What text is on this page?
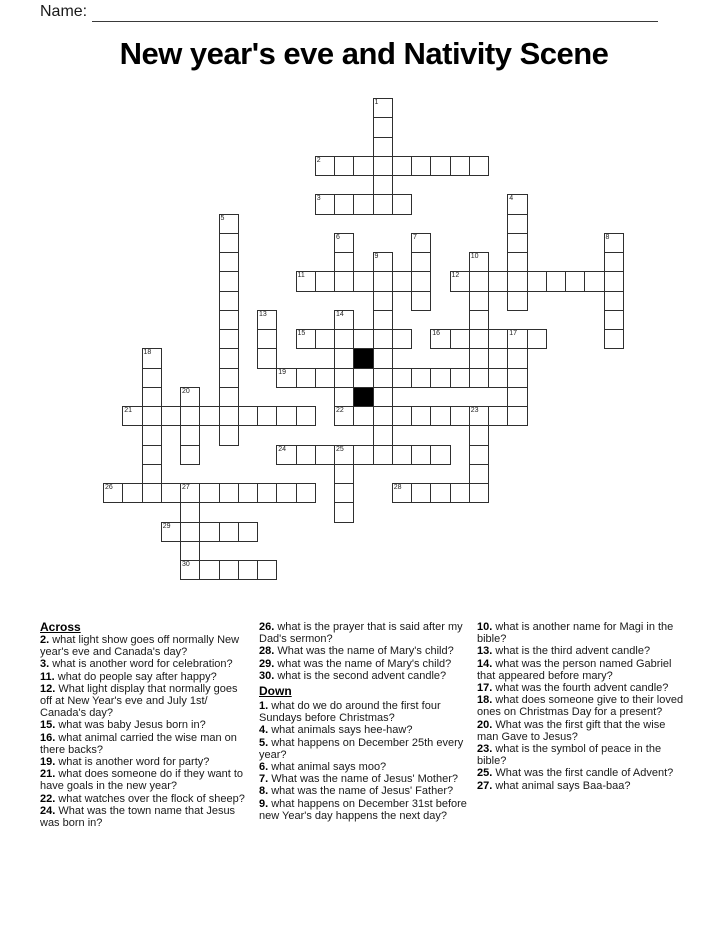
Name:
New year's eve and Nativity Scene
1
2
3	4
5
6	7	8
9	10
11	12
13	14
22
15	16	17
18
19
20
21	23
24	25
26	27
30
28
29
Across

2. what light show goes off normally New year's eve and Canada's day?

3. what is another word for celebration?

11. what do people say after happy?

12. What light display that normally goes off at New Year's eve and July 1st/ Canada's day?

15. what was baby Jesus born in?

16. what animal carried the wise man on there backs?

19. what is another word for party?

21. what does someone do if they want to have goals in the new year?

22. what watches over the flock of sheep?

24. What was the town name that Jesus was born in?

26. what is the prayer that is said after my Dad's sermon?

28. What was the name of Mary's child?

29. what was the name of Mary's child?

30. what is the second advent candle?

Down

1. what do we do around the first four Sundays before Christmas?

4. what animals says hee-haw?

5. what happens on December 25th every year?

6. what animal says moo?

7. What was the name of Jesus' Mother?

8. what was the name of Jesus' Father?

9. what happens on December 31st before new Year's day happens the next day?

10. what is another name for Magi in the bible?

13. what is the third advent candle?

14. what was the person named Gabriel that appeared before mary?

17. what was the fourth advent candle?

18. what does someone give to their loved ones on Christmas Day for a present?

20. What was the first gift that the wise man Gave to Jesus?

23. what is the symbol of peace in the bible?

25. What was the first candle of Advent?

27. what animal says Baa-baa?
